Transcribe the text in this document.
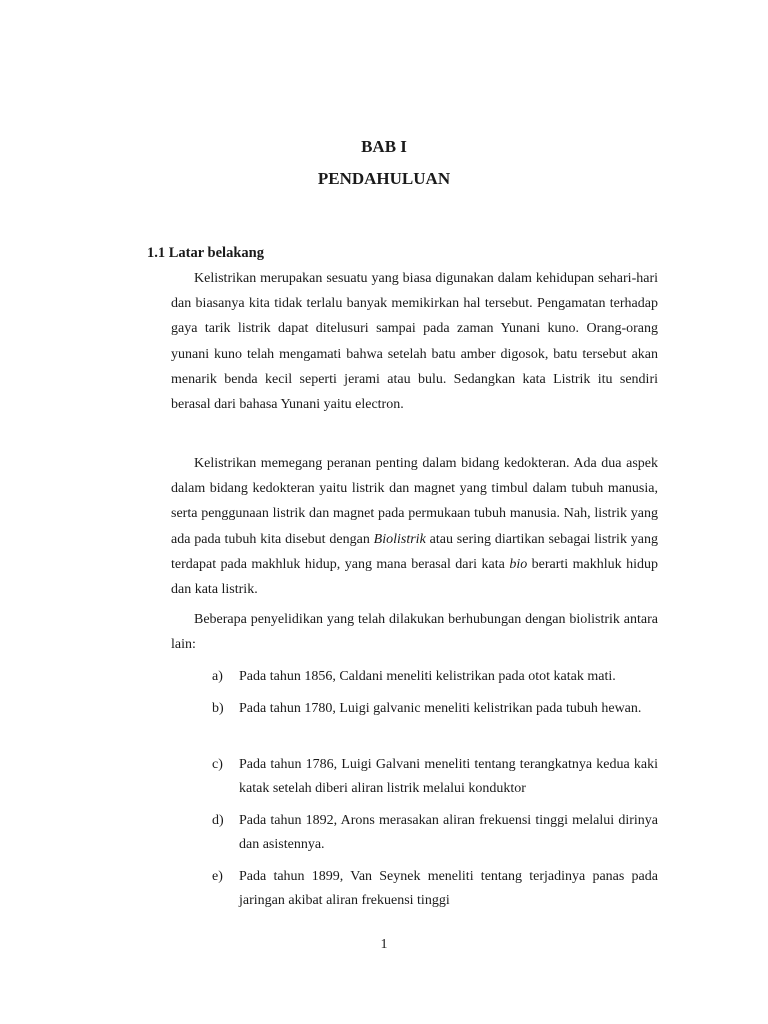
BAB I
PENDAHULUAN
1.1 Latar belakang

Kelistrikan merupakan sesuatu yang biasa digunakan dalam kehidupan sehari-hari dan biasanya kita tidak terlalu banyak memikirkan hal tersebut. Pengamatan terhadap gaya tarik listrik dapat ditelusuri sampai pada zaman Yunani kuno. Orang-orang yunani kuno telah mengamati bahwa setelah batu amber digosok, batu tersebut akan menarik benda kecil seperti jerami atau bulu. Sedangkan kata Listrik itu sendiri berasal dari bahasa Yunani yaitu electron.

Kelistrikan memegang peranan penting dalam bidang kedokteran. Ada dua aspek dalam bidang kedokteran yaitu listrik dan magnet yang timbul dalam tubuh manusia, serta penggunaan listrik dan magnet pada permukaan tubuh manusia. Nah, listrik yang ada pada tubuh kita disebut dengan Biolistrik atau sering diartikan sebagai listrik yang terdapat pada makhluk hidup, yang mana berasal dari kata bio berarti makhluk hidup dan kata listrik.

Beberapa penyelidikan yang telah dilakukan berhubungan dengan biolistrik antara lain:

a) Pada tahun 1856, Caldani meneliti kelistrikan pada otot katak mati.
b) Pada tahun 1780, Luigi galvanic meneliti kelistrikan pada tubuh hewan.
c) Pada tahun 1786, Luigi Galvani meneliti tentang terangkatnya kedua kaki katak setelah diberi aliran listrik melalui konduktor
d) Pada tahun 1892, Arons merasakan aliran frekuensi tinggi melalui dirinya dan asistennya.
e) Pada tahun 1899, Van Seynek meneliti tentang terjadinya panas pada jaringan akibat aliran frekuensi tinggi

1
